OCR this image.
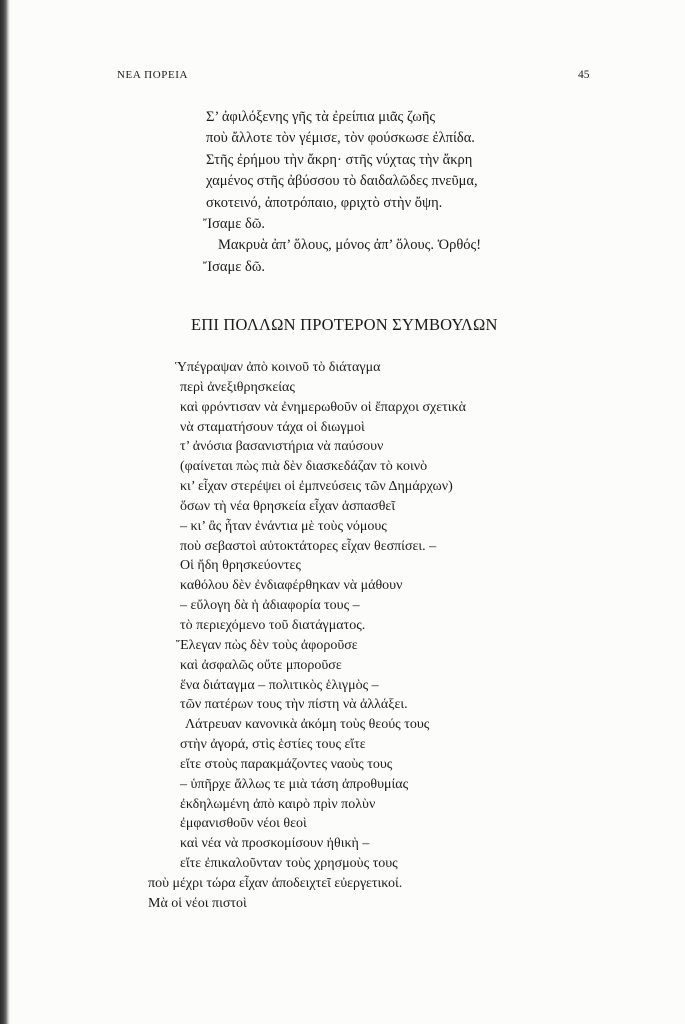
ΝΕΑ ΠΟΡΕΙΑ	45
Σ’ ἀφιλόξενης γῆς τὰ ἐρείπια μιᾶς ζωῆς
ποὺ ἄλλοτε τὸν γέμισε, τὸν φούσκωσε ἐλπίδα.
Στῆς ἐρήμου τὴν ἄκρη· στῆς νύχτας τὴν ἄκρη
χαμένος στῆς ἀβύσσου τὸ δαιδαλῶδες πνεῦμα,
σκοτεινό, ἀποτρόπαιο, φριχτὸ στὴν ὄψη.
Ἴσαμε δῶ.
Μακρυὰ ἀπ’ ὅλους, μόνος ἀπ’ ὅλους. Ὀρθός!
Ἴσαμε δῶ.
ΕΠΙ ΠΟΛΛΩΝ ΠΡΟΤΕΡΟΝ ΣΥΜΒΟΥΛΩΝ
Ὑπέγραψαν ἀπὸ κοινοῦ τὸ διάταγμα
περὶ ἀνεξιθρησκείας
καὶ φρόντισαν νὰ ἐνημερωθοῦν οἱ ἔπαρχοι σχετικὰ
νὰ σταματήσουν τάχα οἱ διωγμοὶ
τ’ ἀνόσια βασανιστήρια νὰ παύσουν
(φαίνεται πὼς πιὰ δὲν διασκεδάζαν τὸ κοινὸ
κι’ εἶχαν στερέψει οἱ ἐμπνεύσεις τῶν Δημάρχων)
ὅσων τὴ νέα θρησκεία εἶχαν ἀσπασθεῖ
– κι’ ἂς ἦταν ἐνάντια μὲ τοὺς νόμους
ποὺ σεβαστοὶ αὐτοκτάτορες εἶχαν θεσπίσει. –
Οἱ ἤδη θρησκεύοντες
καθόλου δὲν ἐνδιαφέρθηκαν νὰ μάθουν
– εὔλογη δὰ ἡ ἀδιαφορία τους –
τὸ περιεχόμενο τοῦ διατάγματος.
Ἔλεγαν πὼς δὲν τοὺς ἀφοροῦσε
καὶ ἀσφαλῶς οὔτε μποροῦσε
ἕνα διάταγμα – πολιτικὸς ἑλιγμὸς –
τῶν πατέρων τους τὴν πίστη νὰ ἀλλάξει.
Λάτρευαν κανονικὰ ἀκόμη τοὺς θεούς τους
στὴν ἀγορά, στὶς ἑστίες τους εἴτε
εἴτε στοὺς παρακμάζοντες ναοὺς τους
– ὑπῆρχε ἄλλως τε μιὰ τάση ἀπροθυμίας
ἐκδηλωμένη ἀπὸ καιρὸ πρὶν πολὺν
ἐμφανισθοῦν νέοι θεοὶ
καὶ νέα νὰ προσκομίσουν ἠθικὴ –
εἴτε ἐπικαλοῦνταν τοὺς χρησμοὺς τους
ποὺ μέχρι τώρα εἶχαν ἀποδειχτεῖ εὐεργετικοί.
Μὰ οἱ νέοι πιστοὶ
